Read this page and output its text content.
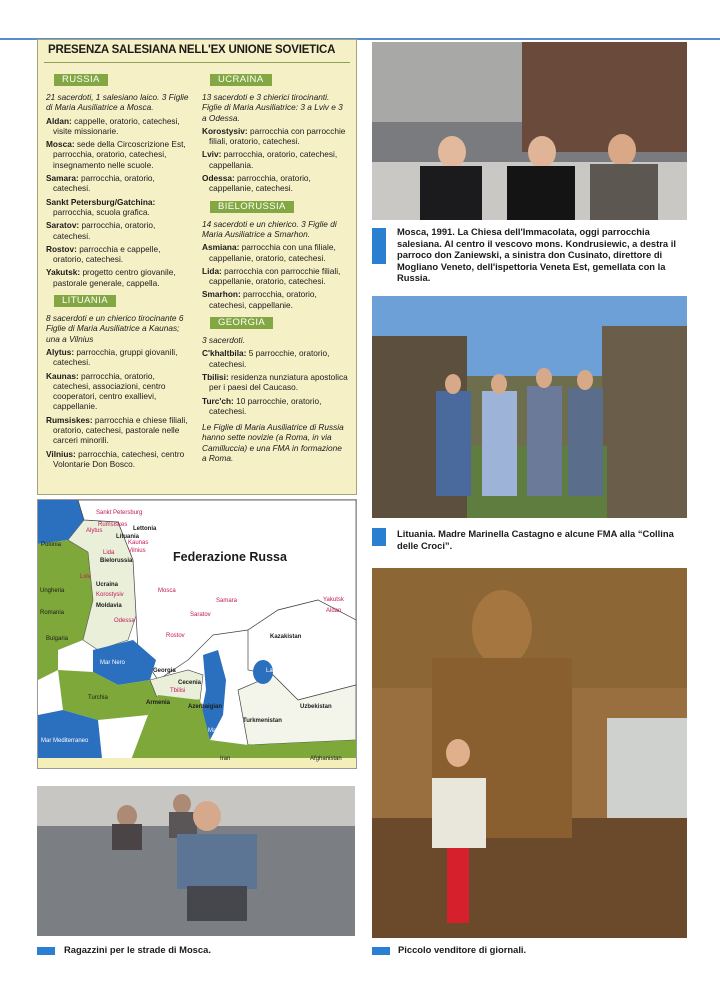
PRESENZA SALESIANA NELL'EX UNIONE SOVIETICA
RUSSIA

21 sacerdoti, 1 salesiano laico. 3 Figlie di Maria Ausiliatrice a Mosca.

Aldan: cappelle, oratorio, catechesi, visite missionarie.

Mosca: sede della Circoscrizione Est, parrocchia, oratorio, catechesi, insegnamento nelle scuole.

Samara: parrocchia, oratorio, catechesi.

Sankt Petersburg/Gatchina: parrocchia, scuola grafica.

Saratov: parrocchia, oratorio, catechesi.

Rostov: parrocchia e cappelle, oratorio, catechesi.

Yakutsk: progetto centro giovanile, pastorale generale, cappella.

LITUANIA

8 sacerdoti e un chierico tirocinante 6 Figlie di Maria Ausiliatrice a Kaunas; una a Vilnius

Alytus: parrocchia, gruppi giovanili, catechesi.

Kaunas: parrocchia, oratorio, catechesi, associazioni, centro cooperatori, centro exallievi, cappellanie.

Rumsiskes: parrocchia e chiese filiali, oratorio, catechesi, pastorale nelle carceri minorili.

Vilnius: parrocchia, catechesi, centro Volontarie Don Bosco.

UCRAINA

13 sacerdoti e 3 chierici tirocinanti. Figlie di Maria Ausiliatrice: 3 a Lviv e 3 a Odessa.

Korostysiv: parrocchia con parrocchie filiali, oratorio, catechesi.

Lviv: parrocchia, oratorio, catechesi, cappellania.

Odessa: parrocchia, oratorio, cappellanie, catechesi.

BIELORUSSIA

14 sacerdoti e un chierico. 3 Figlie di Maria Ausiliatrice a Smarhon.

Asmiana: parrocchia con una filiale, cappellanie, oratorio, catechesi.

Lida: parrocchia con parrocchie filiali, cappellanie, oratorio, catechesi.

Smarhon: parrocchia, oratorio, catechesi, cappellanie.

GEORGIA

3 sacerdoti.

C'khaltbila: 5 parrocchie, oratorio, catechesi.

Tbilisi: residenza nunziatura apostolica per i paesi del Caucaso.

Turc'ch: 10 parrocchie, oratorio, catechesi.

Le Figlie di Maria Ausiliatrice di Russia hanno sette novizie (a Roma, in via Camilluccia) e una FMA in formazione a Roma.

Federazione Russa
Sankt Petersburg
Rumsiskes
Lettonia
Lituania
Alytus
Kaunas
Vilnius
Lida
Bielorussia
Polonia
Lviv
Ucraina
Korostysiv
Moldavia
Ungheria
Romania
Bulgaria
Odessa
Mar Nero
Mosca
Samara
Saratov
Rostov
Yakutsk
Aldan
Kazakistan
Georgia
Cecenia
Tbilisi
Armenia
Azerbaigian
Lago d'Aral
Uzbekistan
Turkmenistan
Mar Caspio
Turchia
Iran	Afghanistan
Mar Mediterraneo
Mosca, 1991. La Chiesa dell'Immacolata, oggi parrocchia salesiana. Al centro il vescovo mons. Kondrusiewic, a destra il parroco don Zaniewski, a sinistra don Cusinato, direttore di Mogliano Veneto, dell'ispettoria Veneta Est, gemellata con la Russia.
Lituania. Madre Marinella Castagno e alcune FMA alla “Collina delle Croci”.
Ragazzini per le strade di Mosca.	Piccolo venditore di giornali.
